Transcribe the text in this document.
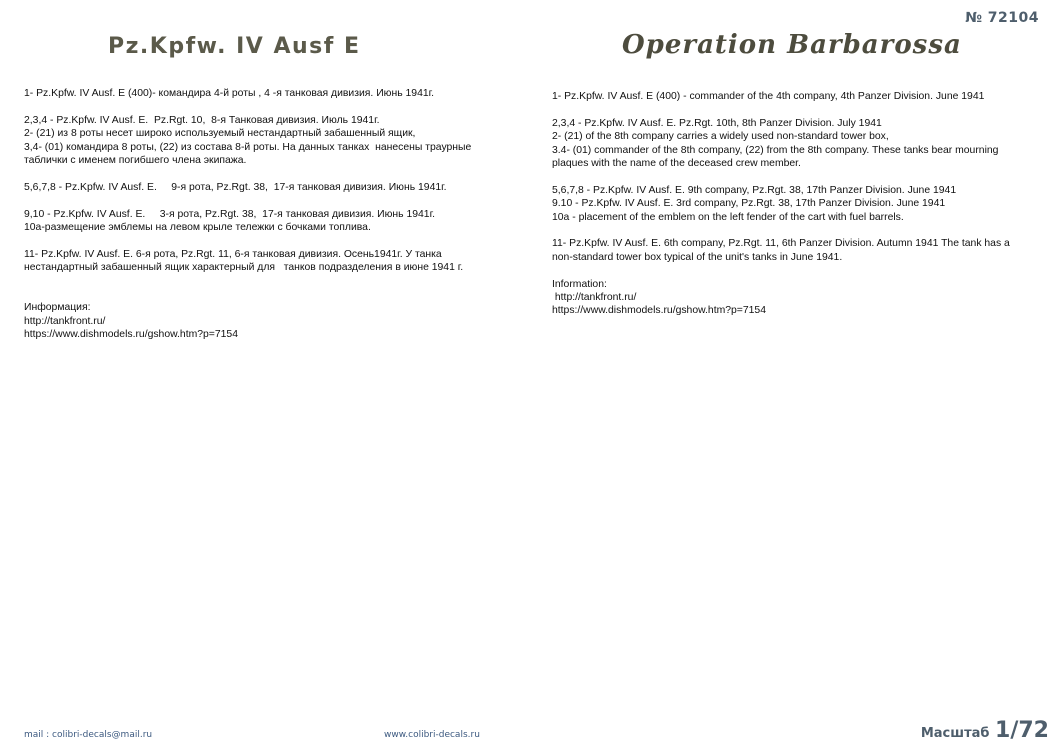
№ 72104
Pz.Kpfw. IV Ausf E	Operation Barbarossa
1- Pz.Kpfw. IV Ausf. E (400)- командира 4-й роты , 4 -я танковая дивизия. Июнь 1941г.
2,3,4 - Pz.Kpfw. IV Ausf. E.  Pz.Rgt. 10,  8-я Танковая дивизия. Июль 1941г.
2- (21) из 8 роты несет широко используемый нестандартный забашенный ящик,
3,4- (01) командира 8 роты, (22) из состава 8-й роты. На данных танках  нанесены траурные
таблички с именем погибшего члена экипажа.
5,6,7,8 - Pz.Kpfw. IV Ausf. E.     9-я рота, Pz.Rgt. 38,  17-я танковая дивизия. Июнь 1941г.
9,10 - Pz.Kpfw. IV Ausf. E.     3-я рота, Pz.Rgt. 38,  17-я танковая дивизия. Июнь 1941г.
10a-размещение эмблемы на левом крыле тележки с бочками топлива.
11- Pz.Kpfw. IV Ausf. E. 6-я рота, Pz.Rgt. 11, 6-я танковая дивизия. Осень1941г. У танка
нестандартный забашенный ящик характерный для   танков подразделения в июне 1941 г.
Информация:
http://tankfront.ru/
https://www.dishmodels.ru/gshow.htm?p=7154
1- Pz.Kpfw. IV Ausf. E (400) - commander of the 4th company, 4th Panzer Division. June 1941
2,3,4 - Pz.Kpfw. IV Ausf. E. Pz.Rgt. 10th, 8th Panzer Division. July 1941
2- (21) of the 8th company carries a widely used non-standard tower box,
3.4- (01) commander of the 8th company, (22) from the 8th company. These tanks bear mourning
plaques with the name of the deceased crew member.
5,6,7,8 - Pz.Kpfw. IV Ausf. E. 9th company, Pz.Rgt. 38, 17th Panzer Division. June 1941
9.10 - Pz.Kpfw. IV Ausf. E. 3rd company, Pz.Rgt. 38, 17th Panzer Division. June 1941
10a - placement of the emblem on the left fender of the cart with fuel barrels.
11- Pz.Kpfw. IV Ausf. E. 6th company, Pz.Rgt. 11, 6th Panzer Division. Autumn 1941 The tank has a
non-standard tower box typical of the unit's tanks in June 1941.
Information:
http://tankfront.ru/
https://www.dishmodels.ru/gshow.htm?p=7154
mail : colibri-decals@mail.ru	www.colibri-decals.ru	Масштаб 1/72
